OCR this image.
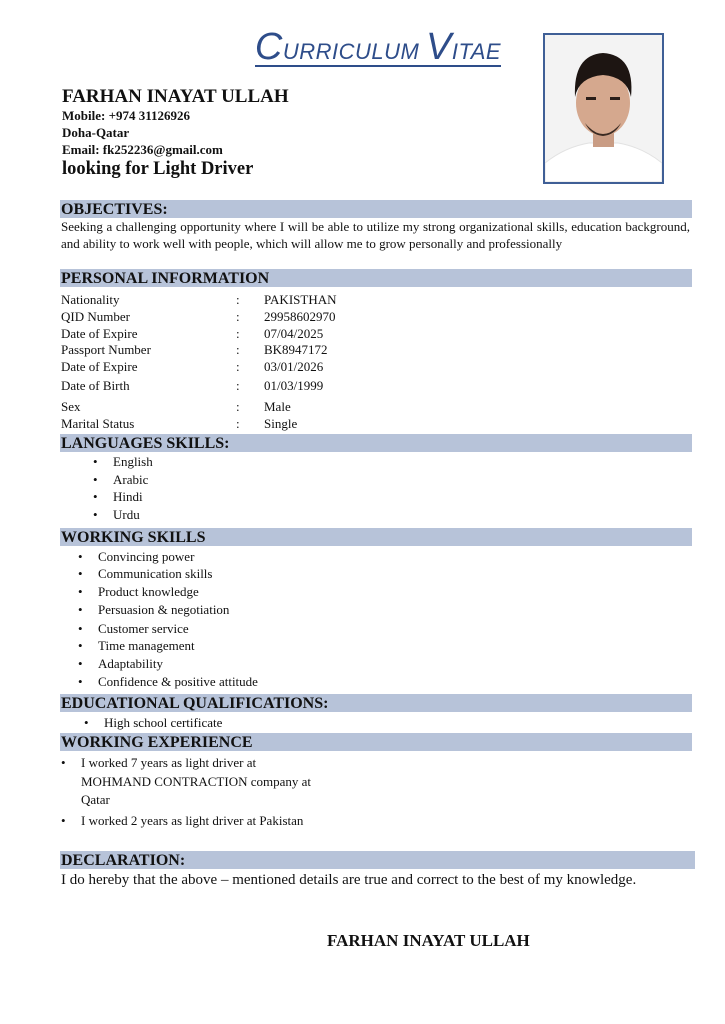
CURRICULUM VITAE
FARHAN INAYAT ULLAH
Mobile: +974 31126926
Doha-Qatar
Email: fk252236@gmail.com
looking for Light Driver
OBJECTIVES:
Seeking a challenging opportunity where I will be able to utilize my strong organizational skills, education background, and ability to work well with people, which will allow me to grow personally and professionally
PERSONAL INFORMATION
Nationality	: PAKISTHAN
QID Number	: 29958602970
Date of Expire	: 07/04/2025
Passport Number	: BK8947172
Date of Expire	: 03/01/2026
Date of Birth	: 01/03/1999
Sex	: Male
Marital Status	: Single
LANGUAGES SKILLS:
• English
• Arabic
• Hindi
• Urdu
WORKING SKILLS
• Convincing power
• Communication skills
• Product knowledge
• Persuasion & negotiation
• Customer service
• Time management
• Adaptability
• Confidence & positive attitude
EDUCATIONAL QUALIFICATIONS:
• High school certificate
WORKING EXPERIENCE
• I worked 7 years as light driver at
MOHMAND CONTRACTION company at
Qatar
• I worked 2 years as light driver at Pakistan
DECLARATION:
I do hereby that the above – mentioned details are true and correct to the best of my knowledge.
FARHAN INAYAT ULLAH
